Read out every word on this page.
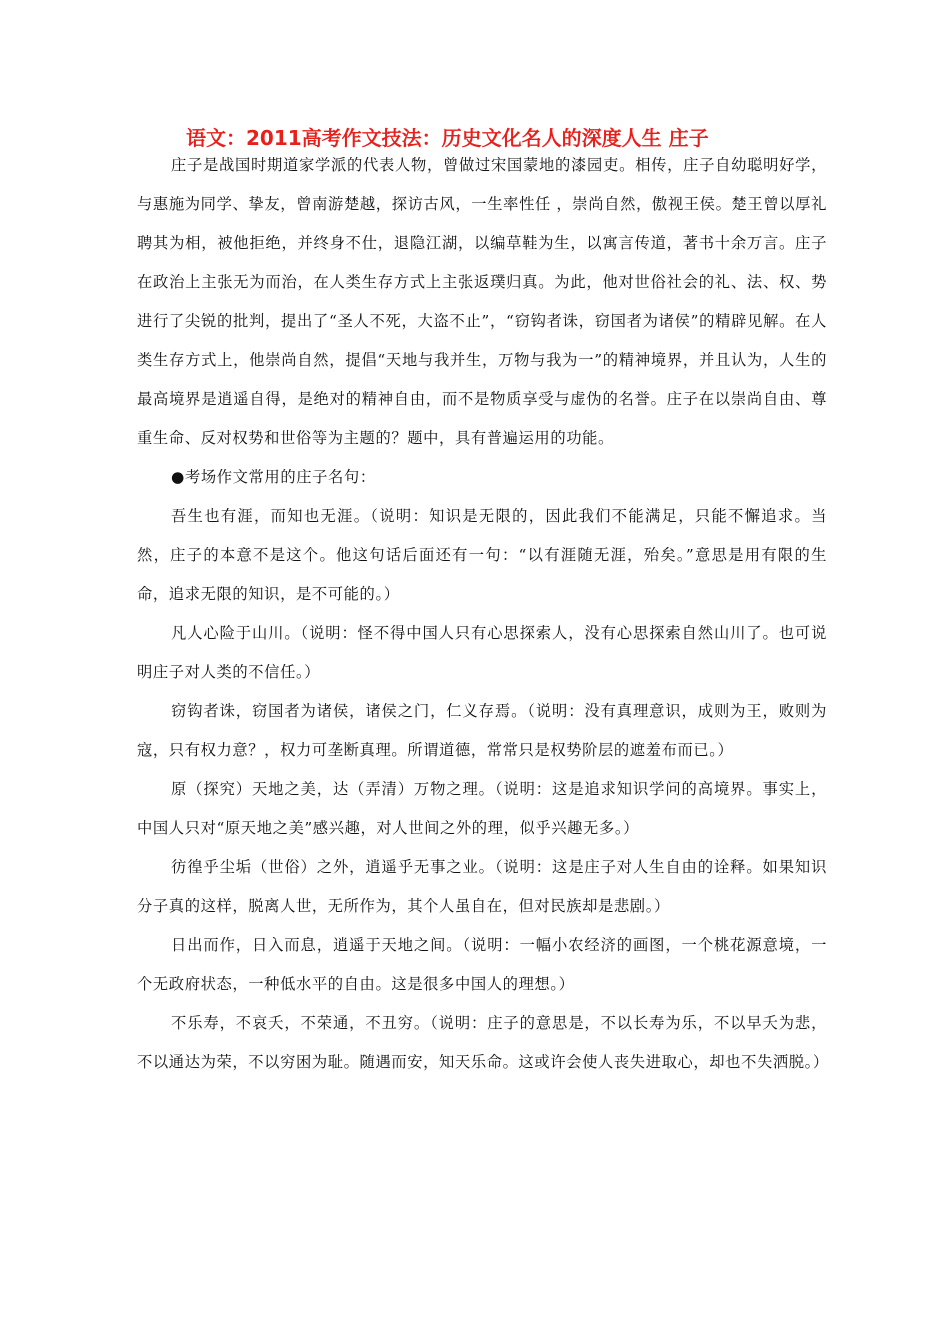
语文：2011高考作文技法：历史文化名人的深度人生 庄子

庄子是战国时期道家学派的代表人物，曾做过宋国蒙地的漆园吏。相传，庄子自幼聪明好学，与惠施为同学、挚友，曾南游楚越，探访古风，一生率性任 ，崇尚自然，傲视王侯。楚王曾以厚礼聘其为相，被他拒绝，并终身不仕，退隐江湖，以编草鞋为生，以寓言传道，著书十余万言。庄子在政治上主张无为而治，在人类生存方式上主张返璞归真。为此，他对世俗社会的礼、法、权、势进行了尖锐的批判，提出了“圣人不死，大盗不止”，“窃钩者诛，窃国者为诸侯”的精辟见解。在人类生存方式上，他崇尚自然，提倡“天地与我并生，万物与我为一”的精神境界，并且认为，人生的最高境界是逍遥自得，是绝对的精神自由，而不是物质享受与虚伪的名誉。庄子在以崇尚自由、尊重生命、反对权势和世俗等为主题的？题中，具有普遍运用的功能。

●考场作文常用的庄子名句：

吾生也有涯，而知也无涯。（说明：知识是无限的，因此我们不能满足，只能不懈追求。当然，庄子的本意不是这个。他这句话后面还有一句：“以有涯随无涯，殆矣。”意思是用有限的生命，追求无限的知识，是不可能的。）

凡人心险于山川。（说明：怪不得中国人只有心思探索人，没有心思探索自然山川了。也可说明庄子对人类的不信任。）

窃钩者诛，窃国者为诸侯，诸侯之门，仁义存焉。（说明：没有真理意识，成则为王，败则为寇，只有权力意？，权力可垄断真理。所谓道德，常常只是权势阶层的遮羞布而已。）

原（探究）天地之美，达（弄清）万物之理。（说明：这是追求知识学问的高境界。事实上，中国人只对“原天地之美”感兴趣，对人世间之外的理，似乎兴趣无多。）

彷徨乎尘垢（世俗）之外，逍遥乎无事之业。（说明：这是庄子对人生自由的诠释。如果知识分子真的这样，脱离人世，无所作为，其个人虽自在，但对民族却是悲剧。）

日出而作，日入而息，逍遥于天地之间。（说明：一幅小农经济的画图，一个桃花源意境，一个无政府状态，一种低水平的自由。这是很多中国人的理想。）

不乐寿，不哀夭，不荣通，不丑穷。（说明：庄子的意思是，不以长寿为乐，不以早夭为悲，不以通达为荣，不以穷困为耻。随遇而安，知天乐命。这或许会使人丧失进取心，却也不失洒脱。）
